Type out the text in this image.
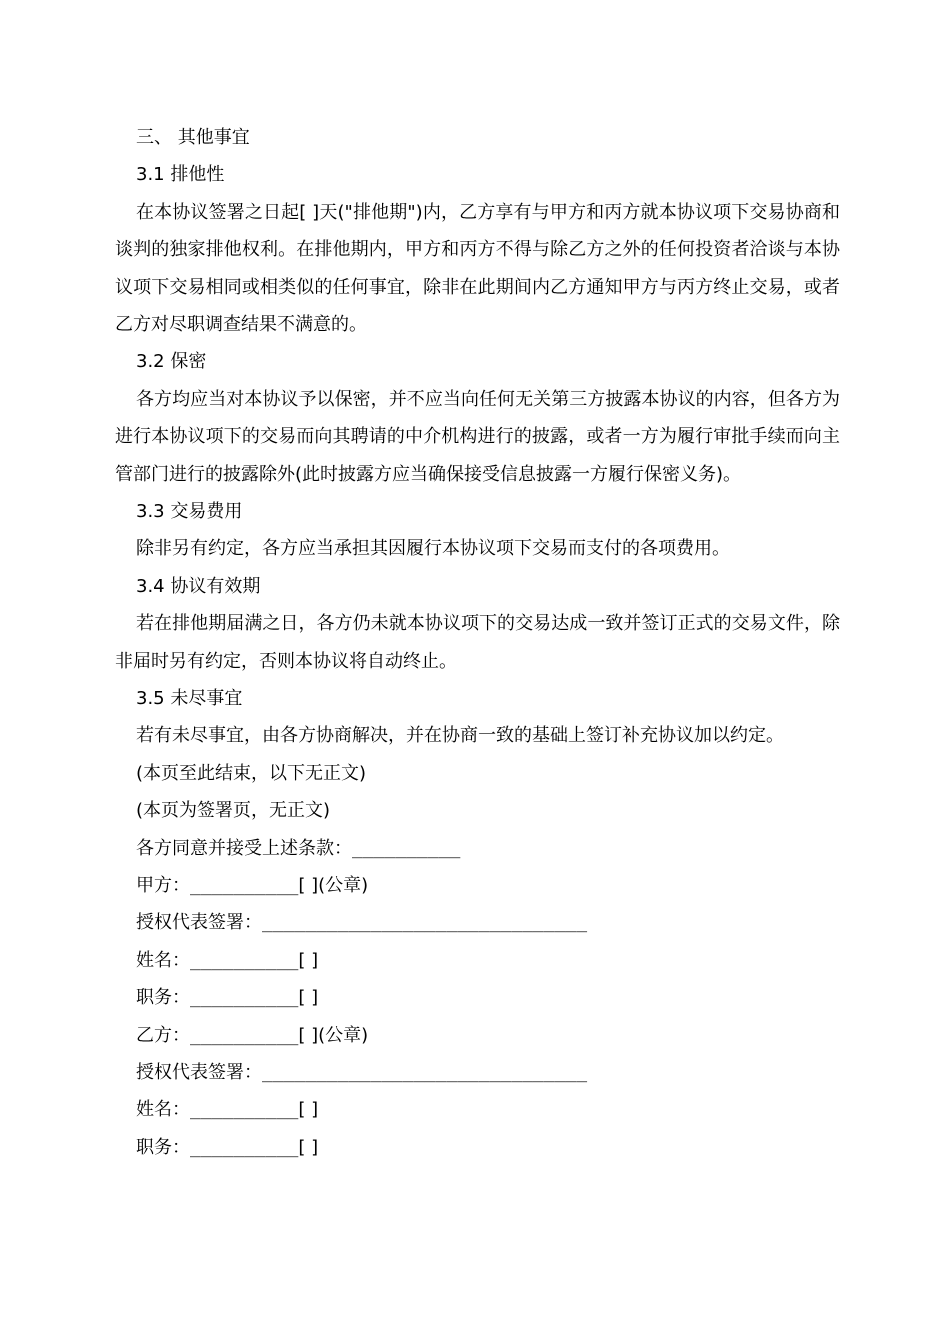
三、 其他事宜
3.1 排他性

在本协议签署之日起[ ]天("排他期")内，乙方享有与甲方和丙方就本协议项下交易协商和谈判的独家排他权利。在排他期内，甲方和丙方不得与除乙方之外的任何投资者洽谈与本协议项下交易相同或相类似的任何事宜，除非在此期间内乙方通知甲方与丙方终止交易，或者乙方对尽职调查结果不满意的。

3.2 保密

各方均应当对本协议予以保密，并不应当向任何无关第三方披露本协议的内容，但各方为进行本协议项下的交易而向其聘请的中介机构进行的披露，或者一方为履行审批手续而向主管部门进行的披露除外(此时披露方应当确保接受信息披露一方履行保密义务)。

3.3 交易费用

除非另有约定，各方应当承担其因履行本协议项下交易而支付的各项费用。

3.4 协议有效期

若在排他期届满之日，各方仍未就本协议项下的交易达成一致并签订正式的交易文件，除非届时另有约定，否则本协议将自动终止。

3.5 未尽事宜

若有未尽事宜，由各方协商解决，并在协商一致的基础上签订补充协议加以约定。

(本页至此结束，以下无正文)
(本页为签署页，无正文)
各方同意并接受上述条款：__________
甲方：__________[ ](公章)
授权代表签署：______________________________
姓名：__________[ ]
职务：__________[ ]
乙方：__________[ ](公章)
授权代表签署：______________________________
姓名：__________[ ]
职务：__________[ ]
